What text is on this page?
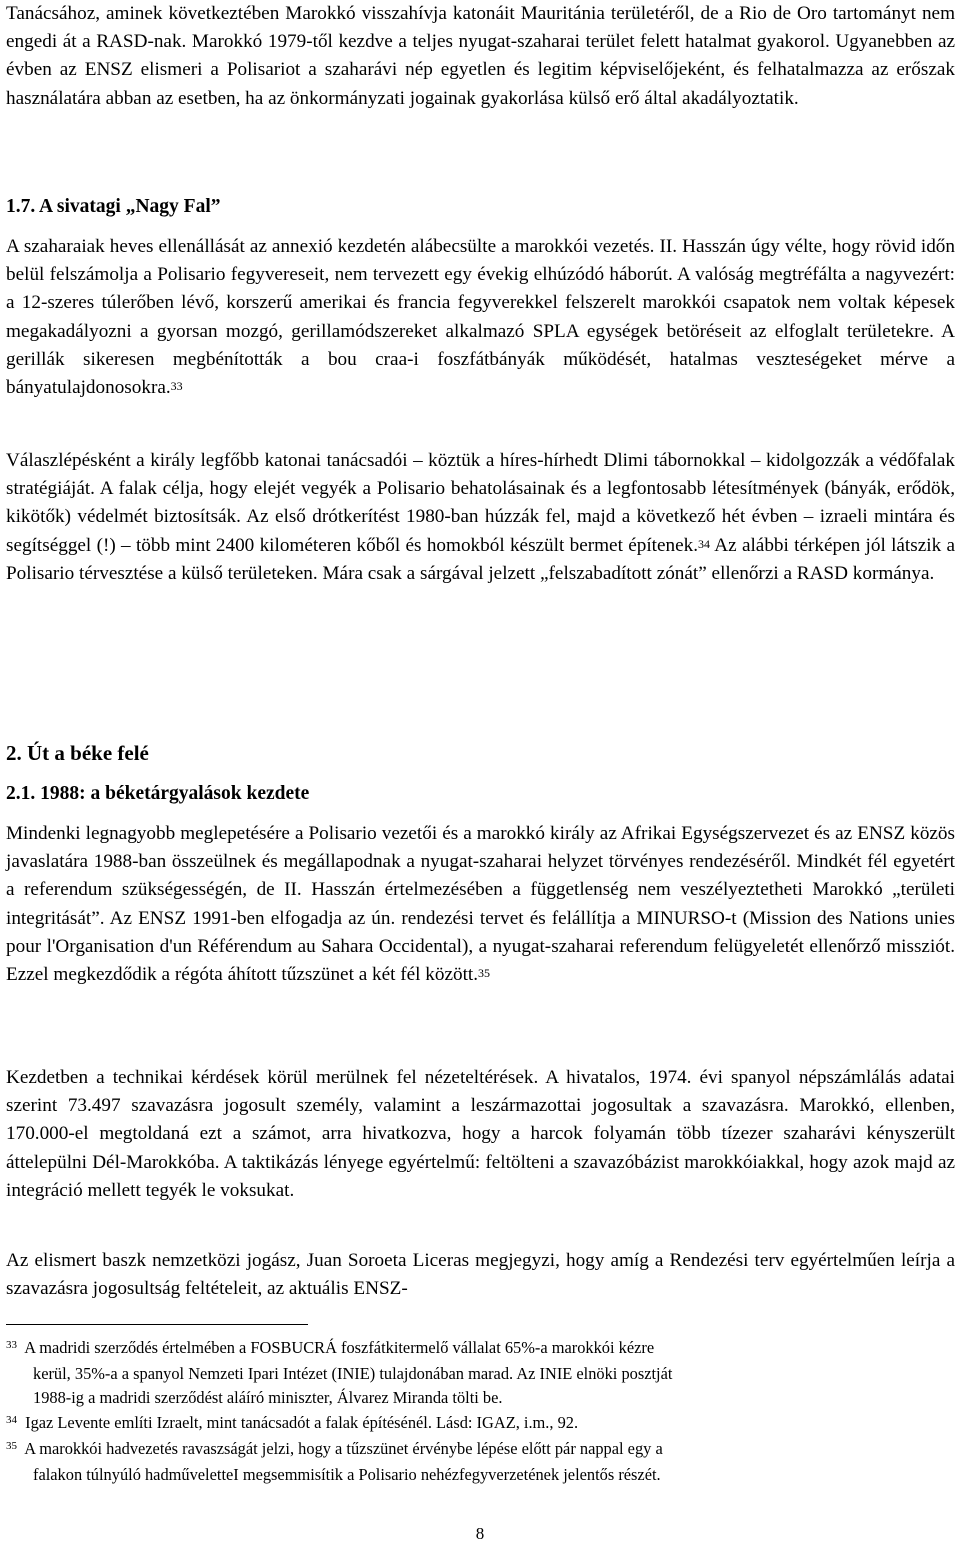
Tanácsához, aminek következtében Marokkó visszahívja katonáit Mauritánia területéről, de a Rio de Oro tartományt nem engedi át a RASD-nak. Marokkó 1979-től kezdve a teljes nyugat-szaharai terület felett hatalmat gyakorol. Ugyanebben az évben az ENSZ elismeri a Polisariot a szaharávi nép egyetlen és legitim képviselőjeként, és felhatalmazza az erőszak használatára abban az esetben, ha az önkormányzati jogainak gyakorlása külső erő által akadályoztatik.

1.7. A sivatagi „Nagy Fal”

A szaharaiak heves ellenállását az annexió kezdetén alábecsülte a marokkói vezetés. II. Hasszán úgy vélte, hogy rövid időn belül felszámolja a Polisario fegyvereseit, nem tervezett egy évekig elhúzódó háborút. A valóság megtréfálta a nagyvezért: a 12-szeres túlerőben lévő, korszerű amerikai és francia fegyverekkel felszerelt marokkói csapatok nem voltak képesek megakadályozni a gyorsan mozgó, gerillamódszereket alkalmazó SPLA egységek betöréseit az elfoglalt területekre. A gerillák sikeresen megbénították a bou craa-i foszfátbányák működését, hatalmas veszteségeket mérve a bányatulajdonosokra.$^{33}$

Válaszlépésként a király legfőbb katonai tanácsadói – köztük a híres-hírhedt Dlimi tábornokkal – kidolgozzák a védőfalak stratégiáját. A falak célja, hogy elejét vegyék a Polisario behatolásainak és a legfontosabb létesítmények (bányák, erődök, kikötők) védelmét biztosítsák. Az első drótkerítést 1980-ban húzzák fel, majd a következő hét évben – izraeli mintára és segítséggel (!) – több mint 2400 kilométeren kőből és homokból készült bermet építenek.$^{34}$ Az alábbi térképen jól látszik a Polisario térvesztése a külső területeken. Mára csak a sárgával jelzett „felszabadított zónát” ellenőrzi a RASD kormánya.

2. Út a béke felé
2.1. 1988: a béketárgyalások kezdete

Mindenki legnagyobb meglepetésére a Polisario vezetői és a marokkó király az Afrikai Egységszervezet és az ENSZ közös javaslatára 1988-ban összeülnek és megállapodnak a nyugat-szaharai helyzet törvényes rendezéséről. Mindkét fél egyetért a referendum szükségességén, de II. Hasszán értelmezésében a függetlenség nem veszélyeztetheti Marokkó „területi integritását”. Az ENSZ 1991-ben elfogadja az ún. rendezési tervet és felállítja a MINURSO-t (Mission des Nations unies pour l'Organisation d'un Référendum au Sahara Occidental), a nyugat-szaharai referendum felügyeletét ellenőrző missziót. Ezzel megkezdődik a régóta áhított tűzszünet a két fél között.$^{35}$

Kezdetben a technikai kérdések körül merülnek fel nézeteltérések. A hivatalos, 1974. évi spanyol népszámlálás adatai szerint 73.497 szavazásra jogosult személy, valamint a leszármazottai jogosultak a szavazásra. Marokkó, ellenben, 170.000-el megtoldaná ezt a számot, arra hivatkozva, hogy a harcok folyamán több tízezer szaharávi kényszerült áttelepülni Dél-Marokkóba. A taktikázás lényege egyértelmű: feltölteni a szavazóbázist marokkóiakkal, hogy azok majd az integráció mellett tegyék le voksukat.

Az elismert baszk nemzetközi jogász, Juan Soroeta Liceras megjegyzi, hogy amíg a Rendezési terv egyértelműen leírja a szavazásra jogosultság feltételeit, az aktuális ENSZ-

$^{33}$ A madridi szerződés értelmében a FOSBUCRÁ foszfátkitermelő vállalat 65%-a marokkói kézre
kerül, 35%-a a spanyol Nemzeti Ipari Intézet (INIE) tulajdonában marad. Az INIE elnöki posztját
1988-ig a madridi szerződést aláíró miniszter, Álvarez Miranda tölti be.
$^{34}$ Igaz Levente említi Izraelt, mint tanácsadót a falak építésénél. Lásd: IGAZ, i.m., 92.
$^{35}$ A marokkói hadvezetés ravaszságát jelzi, hogy a tűzszünet érvénybe lépése előtt pár nappal egy a
falakon túlnyúló hadműveletteI megsemmisítik a Polisario nehézfegyverzetének jelentős részét.
8
